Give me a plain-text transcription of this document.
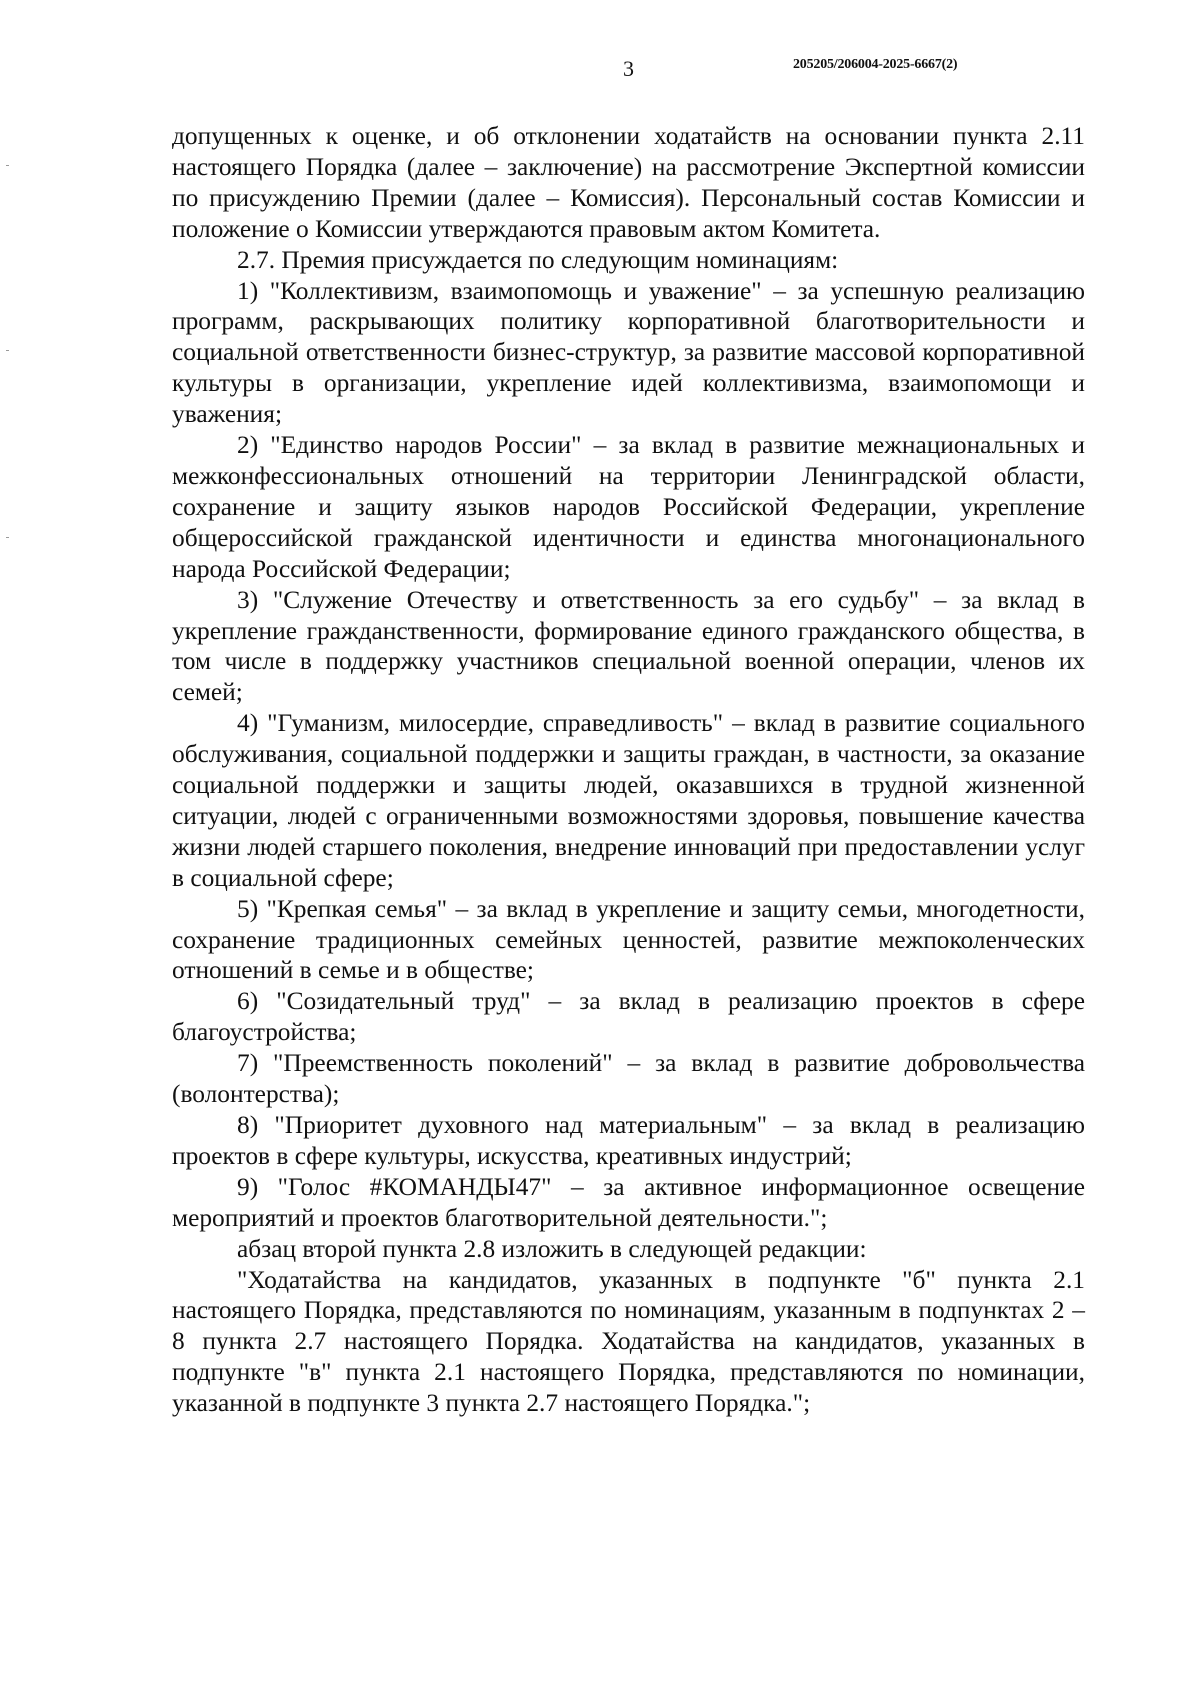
3	205205/206004-2025-6667(2)

допущенных к оценке, и об отклонении ходатайств на основании пункта 2.11 настоящего Порядка (далее – заключение) на рассмотрение Экспертной комиссии по присуждению Премии (далее – Комиссия). Персональный состав Комиссии и положение о Комиссии утверждаются правовым актом Комитета.

2.7. Премия присуждается по следующим номинациям:

1) "Коллективизм, взаимопомощь и уважение" – за успешную реализацию программ, раскрывающих политику корпоративной благотворительности и социальной ответственности бизнес-структур, за развитие массовой корпоративной культуры в организации, укрепление идей коллективизма, взаимопомощи и уважения;

2) "Единство народов России" – за вклад в развитие межнациональных и межконфессиональных отношений на территории Ленинградской области, сохранение и защиту языков народов Российской Федерации, укрепление общероссийской гражданской идентичности и единства многонационального народа Российской Федерации;

3) "Служение Отечеству и ответственность за его судьбу" – за вклад в укрепление гражданственности, формирование единого гражданского общества, в том числе в поддержку участников специальной военной операции, членов их семей;

4) "Гуманизм, милосердие, справедливость" – вклад в развитие социального обслуживания, социальной поддержки и защиты граждан, в частности, за оказание социальной поддержки и защиты людей, оказавшихся в трудной жизненной ситуации, людей с ограниченными возможностями здоровья, повышение качества жизни людей старшего поколения, внедрение инноваций при предоставлении услуг в социальной сфере;

5) "Крепкая семья" – за вклад в укрепление и защиту семьи, многодетности, сохранение традиционных семейных ценностей, развитие межпоколенческих отношений в семье и в обществе;

6) "Созидательный труд" – за вклад в реализацию проектов в сфере благоустройства;

7) "Преемственность поколений" – за вклад в развитие добровольчества (волонтерства);

8) "Приоритет духовного над материальным" – за вклад в реализацию проектов в сфере культуры, искусства, креативных индустрий;

9) "Голос #КОМАНДЫ47" – за активное информационное освещение мероприятий и проектов благотворительной деятельности.";

абзац второй пункта 2.8 изложить в следующей редакции:

"Ходатайства на кандидатов, указанных в подпункте "б" пункта 2.1 настоящего Порядка, представляются по номинациям, указанным в подпунктах 2 – 8 пункта 2.7 настоящего Порядка. Ходатайства на кандидатов, указанных в подпункте "в" пункта 2.1 настоящего Порядка, представляются по номинации, указанной в подпункте 3 пункта 2.7 настоящего Порядка.";
